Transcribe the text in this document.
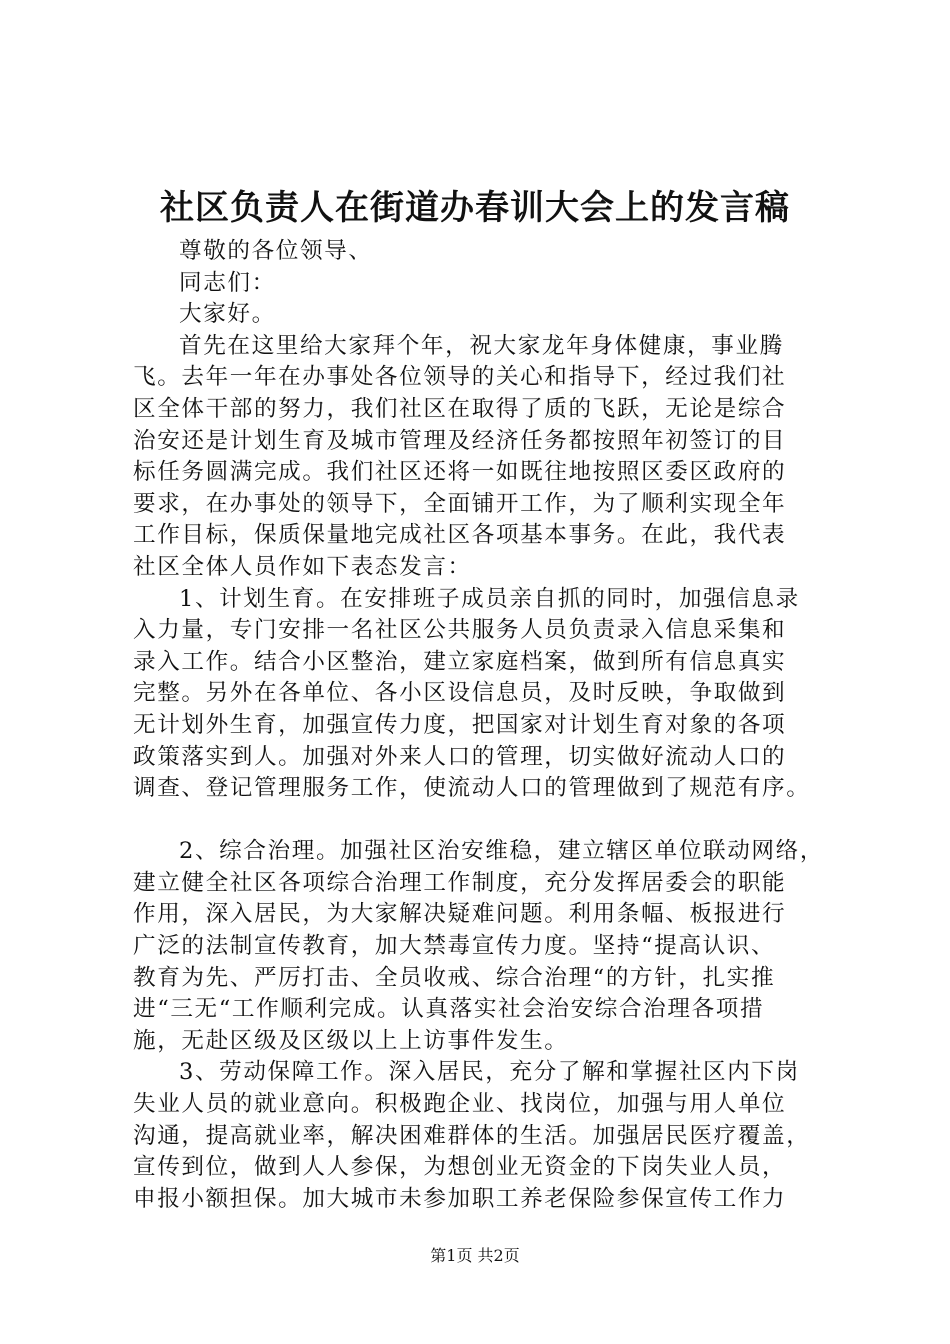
社区负责人在街道办春训大会上的发言稿
尊敬的各位领导、
同志们：
大家好。
首先在这里给大家拜个年，祝大家龙年身体健康，事业腾
飞。去年一年在办事处各位领导的关心和指导下，经过我们社
区全体干部的努力，我们社区在取得了质的飞跃，无论是综合
治安还是计划生育及城市管理及经济任务都按照年初签订的目
标任务圆满完成。我们社区还将一如既往地按照区委区政府的
要求，在办事处的领导下，全面铺开工作，为了顺利实现全年
工作目标，保质保量地完成社区各项基本事务。在此，我代表
社区全体人员作如下表态发言：
1、计划生育。在安排班子成员亲自抓的同时，加强信息录
入力量，专门安排一名社区公共服务人员负责录入信息采集和
录入工作。结合小区整治，建立家庭档案，做到所有信息真实
完整。另外在各单位、各小区设信息员，及时反映，争取做到
无计划外生育，加强宣传力度，把国家对计划生育对象的各项
政策落实到人。加强对外来人口的管理，切实做好流动人口的
调查、登记管理服务工作，使流动人口的管理做到了规范有序。
2、综合治理。加强社区治安维稳，建立辖区单位联动网络，
建立健全社区各项综合治理工作制度，充分发挥居委会的职能
作用，深入居民，为大家解决疑难问题。利用条幅、板报进行
广泛的法制宣传教育，加大禁毒宣传力度。坚持“提高认识、
教育为先、严厉打击、全员收戒、综合治理“的方针，扎实推
进“三无“工作顺利完成。认真落实社会治安综合治理各项措
施，无赴区级及区级以上上访事件发生。
3、劳动保障工作。深入居民，充分了解和掌握社区内下岗
失业人员的就业意向。积极跑企业、找岗位，加强与用人单位
沟通，提高就业率，解决困难群体的生活。加强居民医疗覆盖，
宣传到位，做到人人参保，为想创业无资金的下岗失业人员，
申报小额担保。加大城市未参加职工养老保险参保宣传工作力
第1页 共2页
